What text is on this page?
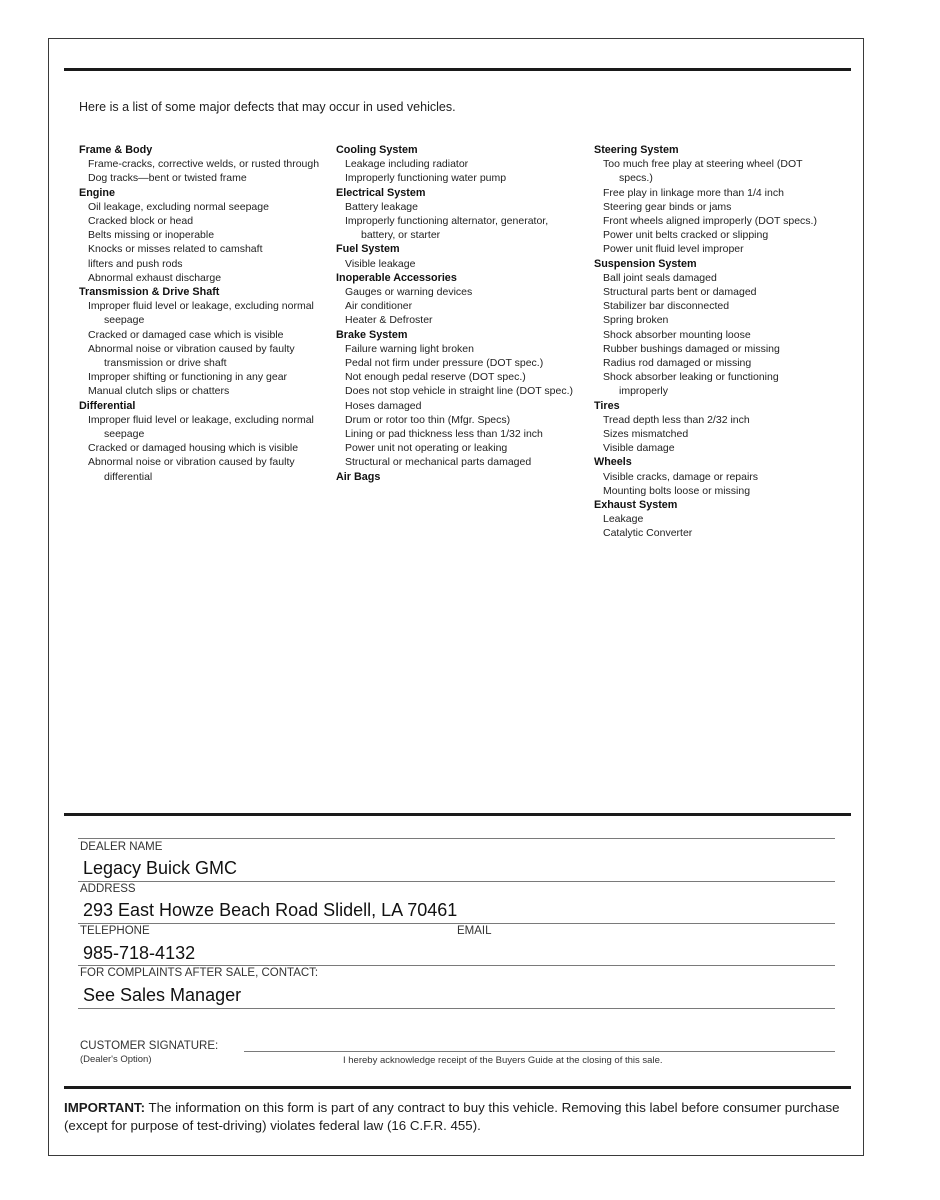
Here is a list of some major defects that may occur in used vehicles.
Frame & Body
Frame-cracks, corrective welds, or rusted through
Dog tracks—bent or twisted frame
Engine
Oil leakage, excluding normal seepage
Cracked block or head
Belts missing or inoperable
Knocks or misses related to camshaft
lifters and push rods
Abnormal exhaust discharge
Transmission & Drive Shaft
Improper fluid level or leakage, excluding normal seepage
Cracked or damaged case which is visible
Abnormal noise or vibration caused by faulty transmission or drive shaft
Improper shifting or functioning in any gear
Manual clutch slips or chatters
Differential
Improper fluid level or leakage, excluding normal seepage
Cracked or damaged housing which is visible
Abnormal noise or vibration caused by faulty differential
Cooling System
Leakage including radiator
Improperly functioning water pump
Electrical System
Battery leakage
Improperly functioning alternator, generator, battery, or starter
Fuel System
Visible leakage
Inoperable Accessories
Gauges or warning devices
Air conditioner
Heater & Defroster
Brake System
Failure warning light broken
Pedal not firm under pressure (DOT spec.)
Not enough pedal reserve (DOT spec.)
Does not stop vehicle in straight line (DOT spec.)
Hoses damaged
Drum or rotor too thin (Mfgr. Specs)
Lining or pad thickness less than 1/32 inch
Power unit not operating or leaking
Structural or mechanical parts damaged
Air Bags
Steering System
Too much free play at steering wheel (DOT specs.)
Free play in linkage more than 1/4 inch
Steering gear binds or jams
Front wheels aligned improperly (DOT specs.)
Power unit belts cracked or slipping
Power unit fluid level improper
Suspension System
Ball joint seals damaged
Structural parts bent or damaged
Stabilizer bar disconnected
Spring broken
Shock absorber mounting loose
Rubber bushings damaged or missing
Radius rod damaged or missing
Shock absorber leaking or functioning improperly
Tires
Tread depth less than 2/32 inch
Sizes mismatched
Visible damage
Wheels
Visible cracks, damage or repairs
Mounting bolts loose or missing
Exhaust System
Leakage
Catalytic Converter
DEALER NAME
Legacy Buick GMC
ADDRESS
293 East Howze Beach Road Slidell, LA 70461
TELEPHONE	EMAIL
985-718-4132
FOR COMPLAINTS AFTER SALE, CONTACT:
See Sales Manager
CUSTOMER SIGNATURE:
(Dealer's Option)	I hereby acknowledge receipt of the Buyers Guide at the closing of this sale.
IMPORTANT: The information on this form is part of any contract to buy this vehicle. Removing this label before consumer purchase (except for purpose of test-driving) violates federal law (16 C.F.R. 455).
